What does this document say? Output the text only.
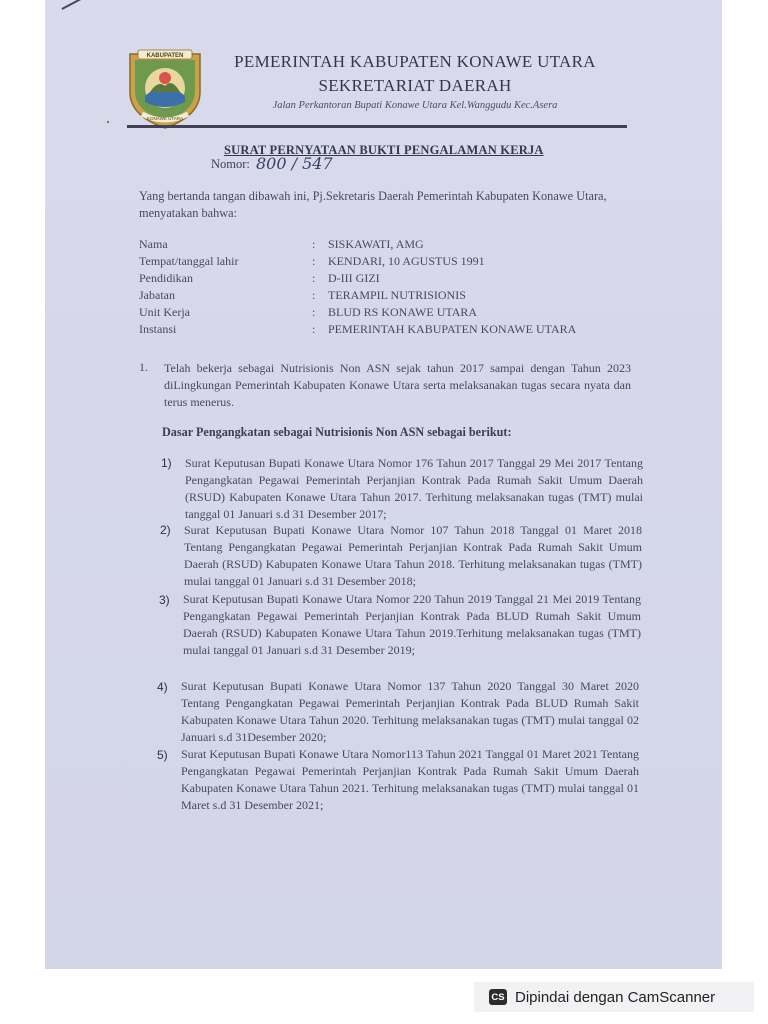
KABUPATEN
KONAWE UTARA
PEMERINTAH KABUPATEN KONAWE UTARA
SEKRETARIAT DAERAH
Jalan Perkantoran Bupati Konawe Utara Kel.Wanggudu Kec.Asera
SURAT PERNYATAAN BUKTI PENGALAMAN KERJA
Nomor: 800 / 547
Yang bertanda tangan dibawah ini, Pj.Sekretaris Daerah Pemerintah Kabupaten Konawe Utara, menyatakan bahwa:
Nama	: SISKAWATI, AMG
Tempat/tanggal lahir	: KENDARI, 10 AGUSTUS 1991
Pendidikan	: D-III GIZI
Jabatan	: TERAMPIL NUTRISIONIS
Unit Kerja	: BLUD RS KONAWE UTARA
Instansi	: PEMERINTAH KABUPATEN KONAWE UTARA
1. Telah bekerja sebagai Nutrisionis Non ASN sejak tahun 2017 sampai dengan Tahun 2023 diLingkungan Pemerintah Kabupaten Konawe Utara serta melaksanakan tugas secara nyata dan terus menerus.
Dasar Pengangkatan sebagai Nutrisionis Non ASN sebagai berikut:
1) Surat Keputusan Bupati Konawe Utara Nomor 176 Tahun 2017 Tanggal 29 Mei 2017 Tentang Pengangkatan Pegawai Pemerintah Perjanjian Kontrak Pada Rumah Sakit Umum Daerah (RSUD) Kabupaten Konawe Utara Tahun 2017. Terhitung melaksanakan tugas (TMT) mulai tanggal 01 Januari s.d 31 Desember 2017;
2) Surat Keputusan Bupati Konawe Utara Nomor 107 Tahun 2018 Tanggal 01 Maret 2018 Tentang Pengangkatan Pegawai Pemerintah Perjanjian Kontrak Pada Rumah Sakit Umum Daerah (RSUD) Kabupaten Konawe Utara Tahun 2018. Terhitung melaksanakan tugas (TMT) mulai tanggal 01 Januari s.d 31 Desember 2018;
3) Surat Keputusan Bupati Konawe Utara Nomor 220 Tahun 2019 Tanggal 21 Mei 2019 Tentang Pengangkatan Pegawai Pemerintah Perjanjian Kontrak Pada BLUD Rumah Sakit Umum Daerah (RSUD) Kabupaten Konawe Utara Tahun 2019.Terhitung melaksanakan tugas (TMT) mulai tanggal 01 Januari s.d 31 Desember 2019;
4) Surat Keputusan Bupati Konawe Utara Nomor 137 Tahun 2020 Tanggal 30 Maret 2020 Tentang Pengangkatan Pegawai Pemerintah Perjanjian Kontrak Pada BLUD Rumah Sakit Kabupaten Konawe Utara Tahun 2020. Terhitung melaksanakan tugas (TMT) mulai tanggal 02 Januari s.d 31Desember 2020;
5) Surat Keputusan Bupati Konawe Utara Nomor113 Tahun 2021 Tanggal 01 Maret 2021 Tentang Pengangkatan Pegawai Pemerintah Perjanjian Kontrak Pada Rumah Sakit Umum Daerah Kabupaten Konawe Utara Tahun 2021. Terhitung melaksanakan tugas (TMT) mulai tanggal 01 Maret s.d 31 Desember 2021;
CS Dipindai dengan CamScanner
